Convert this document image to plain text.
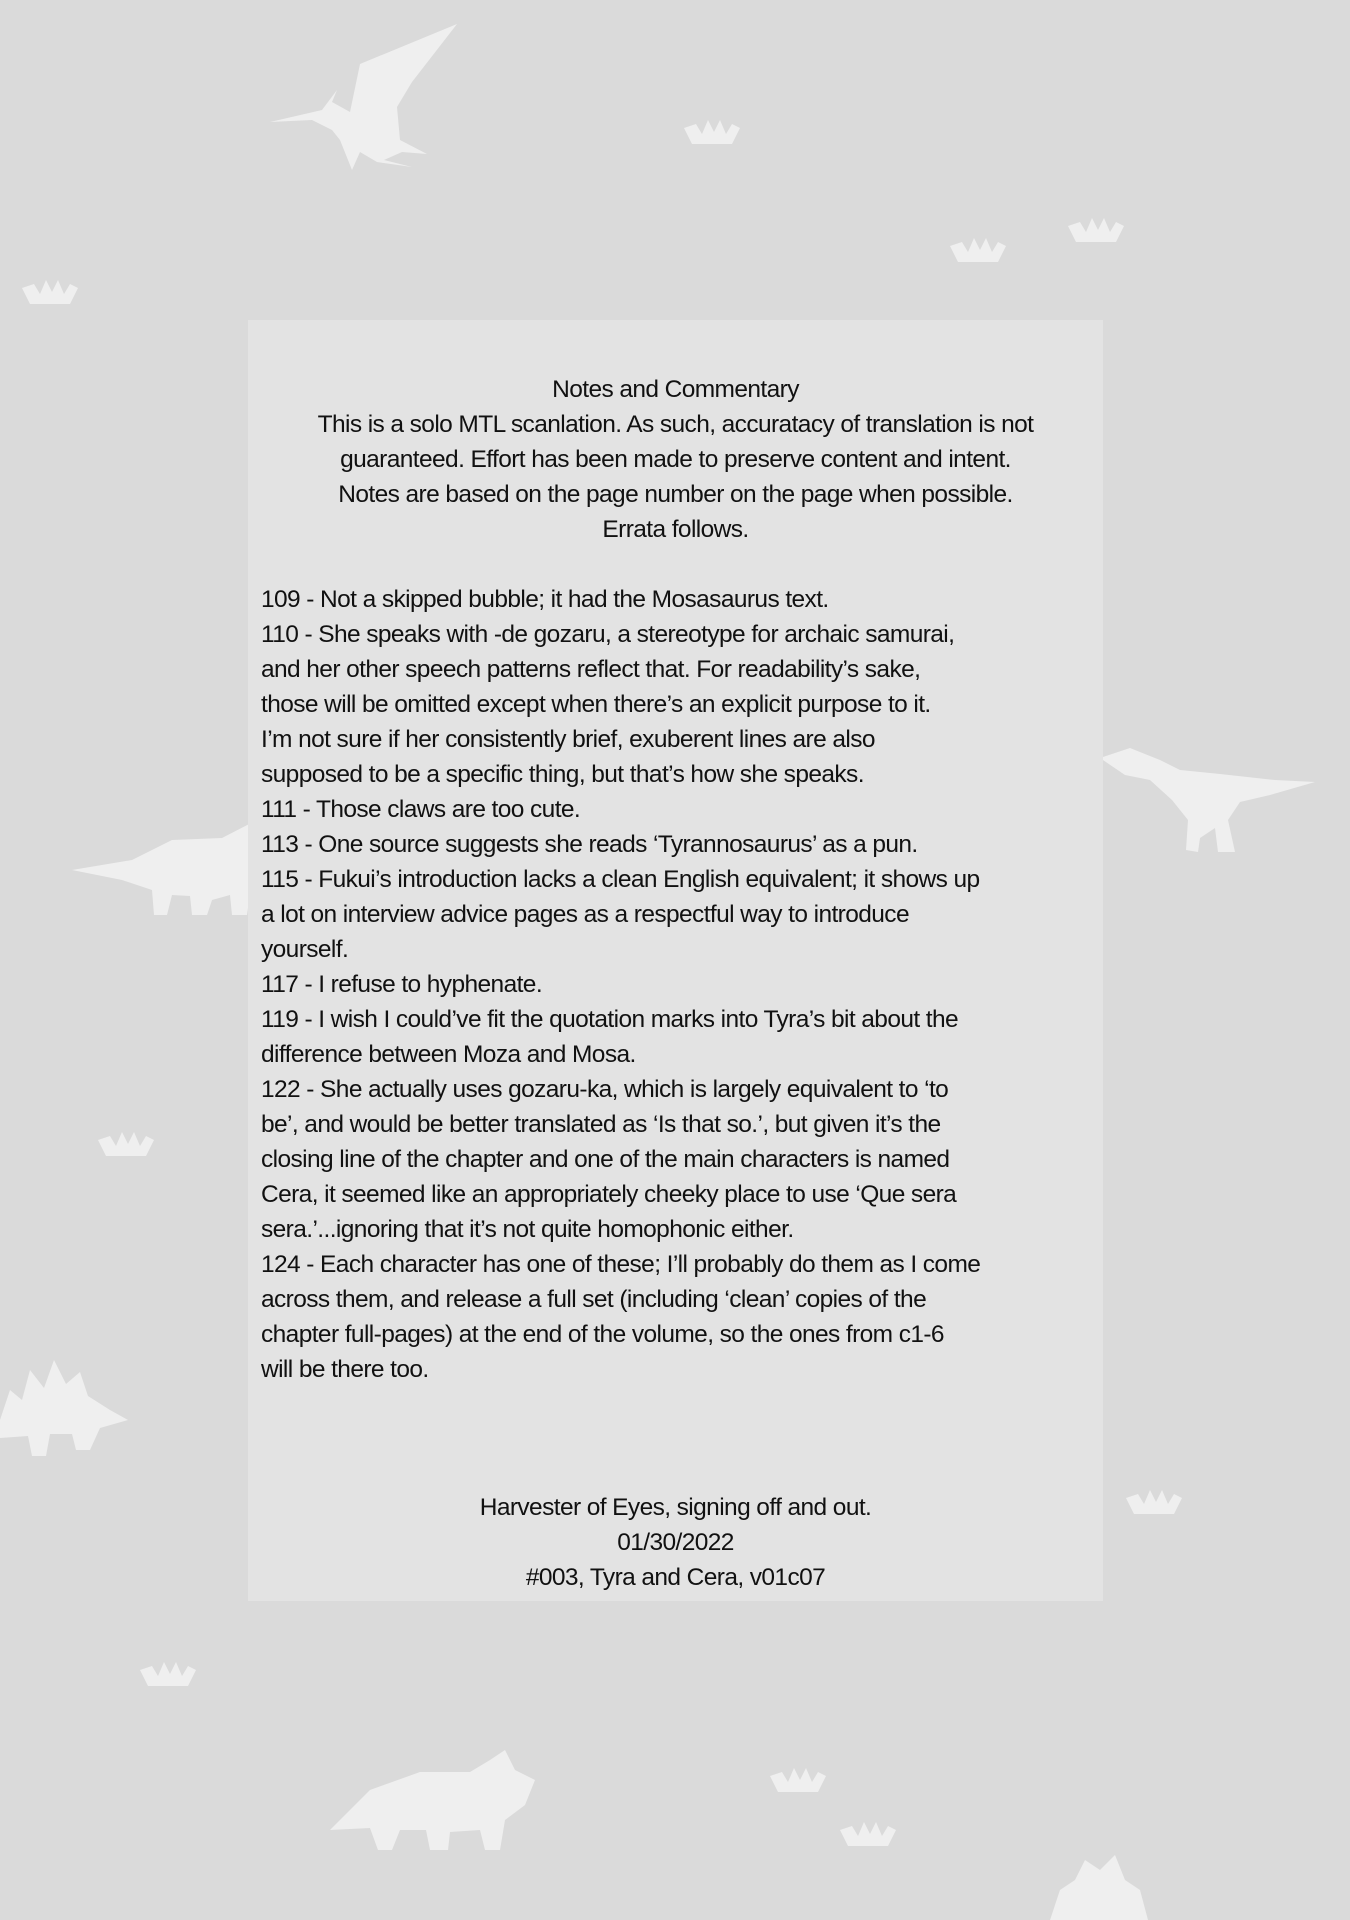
Notes and Commentary
This is a solo MTL scanlation. As such, accuratacy of translation is not
guaranteed. Effort has been made to preserve content and intent.
Notes are based on the page number on the page when possible.
Errata follows.
109 - Not a skipped bubble; it had the Mosasaurus text.
110 - She speaks with -de gozaru, a stereotype for archaic samurai,
and her other speech patterns reflect that. For readability’s sake,
those will be omitted except when there’s an explicit purpose to it.
I’m not sure if her consistently brief, exuberent lines are also
supposed to be a specific thing, but that’s how she speaks.
111 - Those claws are too cute.
113 - One source suggests she reads ‘Tyrannosaurus’ as a pun.
115 - Fukui’s introduction lacks a clean English equivalent; it shows up
a lot on interview advice pages as a respectful way to introduce
yourself.
117 - I refuse to hyphenate.
119 - I wish I could’ve fit the quotation marks into Tyra’s bit about the
difference between Moza and Mosa.
122 - She actually uses gozaru-ka, which is largely equivalent to ‘to
be’, and would be better translated as ‘Is that so.’, but given it’s the
closing line of the chapter and one of the main characters is named
Cera, it seemed like an appropriately cheeky place to use ‘Que sera
sera.’...ignoring that it’s not quite homophonic either.
124 - Each character has one of these; I’ll probably do them as I come
across them, and release a full set (including ‘clean’ copies of the
chapter full-pages) at the end of the volume, so the ones from c1-6
will be there too.
Harvester of Eyes, signing off and out.
01/30/2022
#003, Tyra and Cera, v01c07
